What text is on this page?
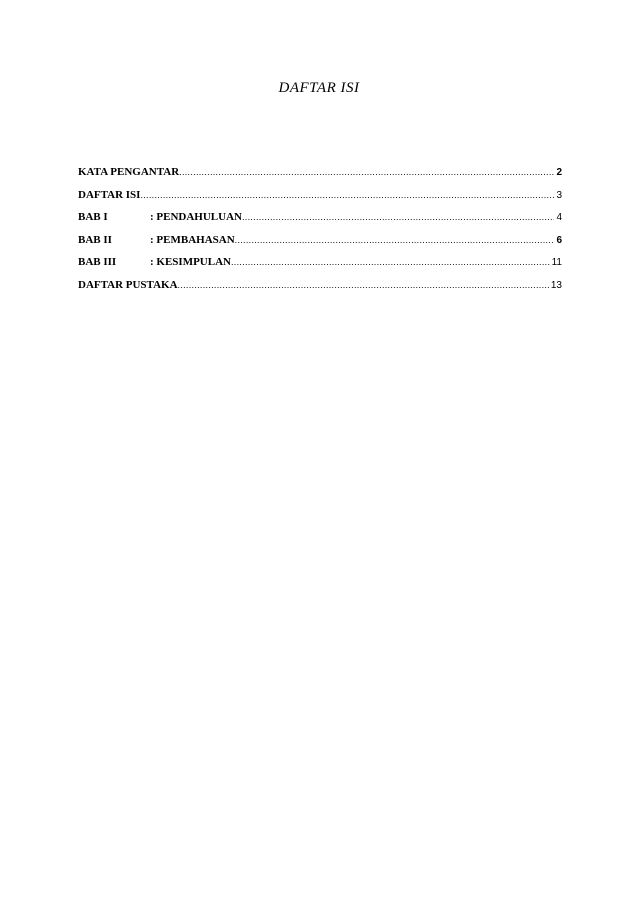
DAFTAR ISI
KATA PENGANTAR .....	2
DAFTAR ISI .....	3
BAB I	: PENDAHULUAN .....	4
BAB II	: PEMBAHASAN .....	6
BAB III	: KESIMPULAN .....	11
DAFTAR PUSTAKA .....	13
